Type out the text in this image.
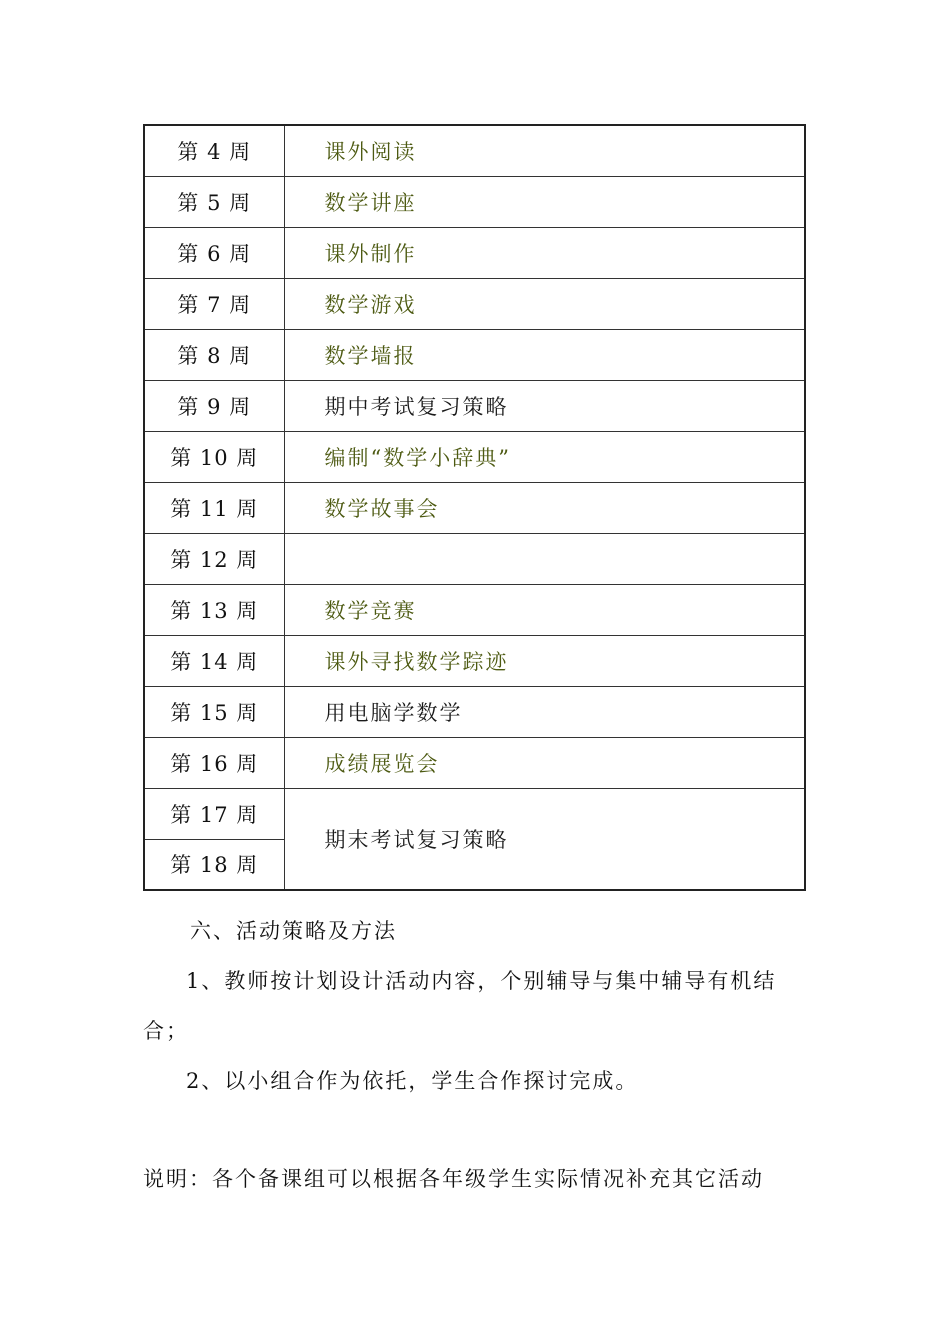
第 4 周	课外阅读
第 5 周	数学讲座
第 6 周	课外制作
第 7 周	数学游戏
第 8 周	数学墙报
第 9 周	期中考试复习策略
第 10 周	编制“数学小辞典”
第 11 周	数学故事会
第 12 周	
第 13 周	数学竞赛
第 14 周	课外寻找数学踪迹
第 15 周	用电脑学数学
第 16 周	成绩展览会
第 17 周	期末考试复习策略
第 18 周	

六、活动策略及方法

1、教师按计划设计活动内容，个别辅导与集中辅导有机结

合；

2、以小组合作为依托，学生合作探讨完成。

说明：各个备课组可以根据各年级学生实际情况补充其它活动
